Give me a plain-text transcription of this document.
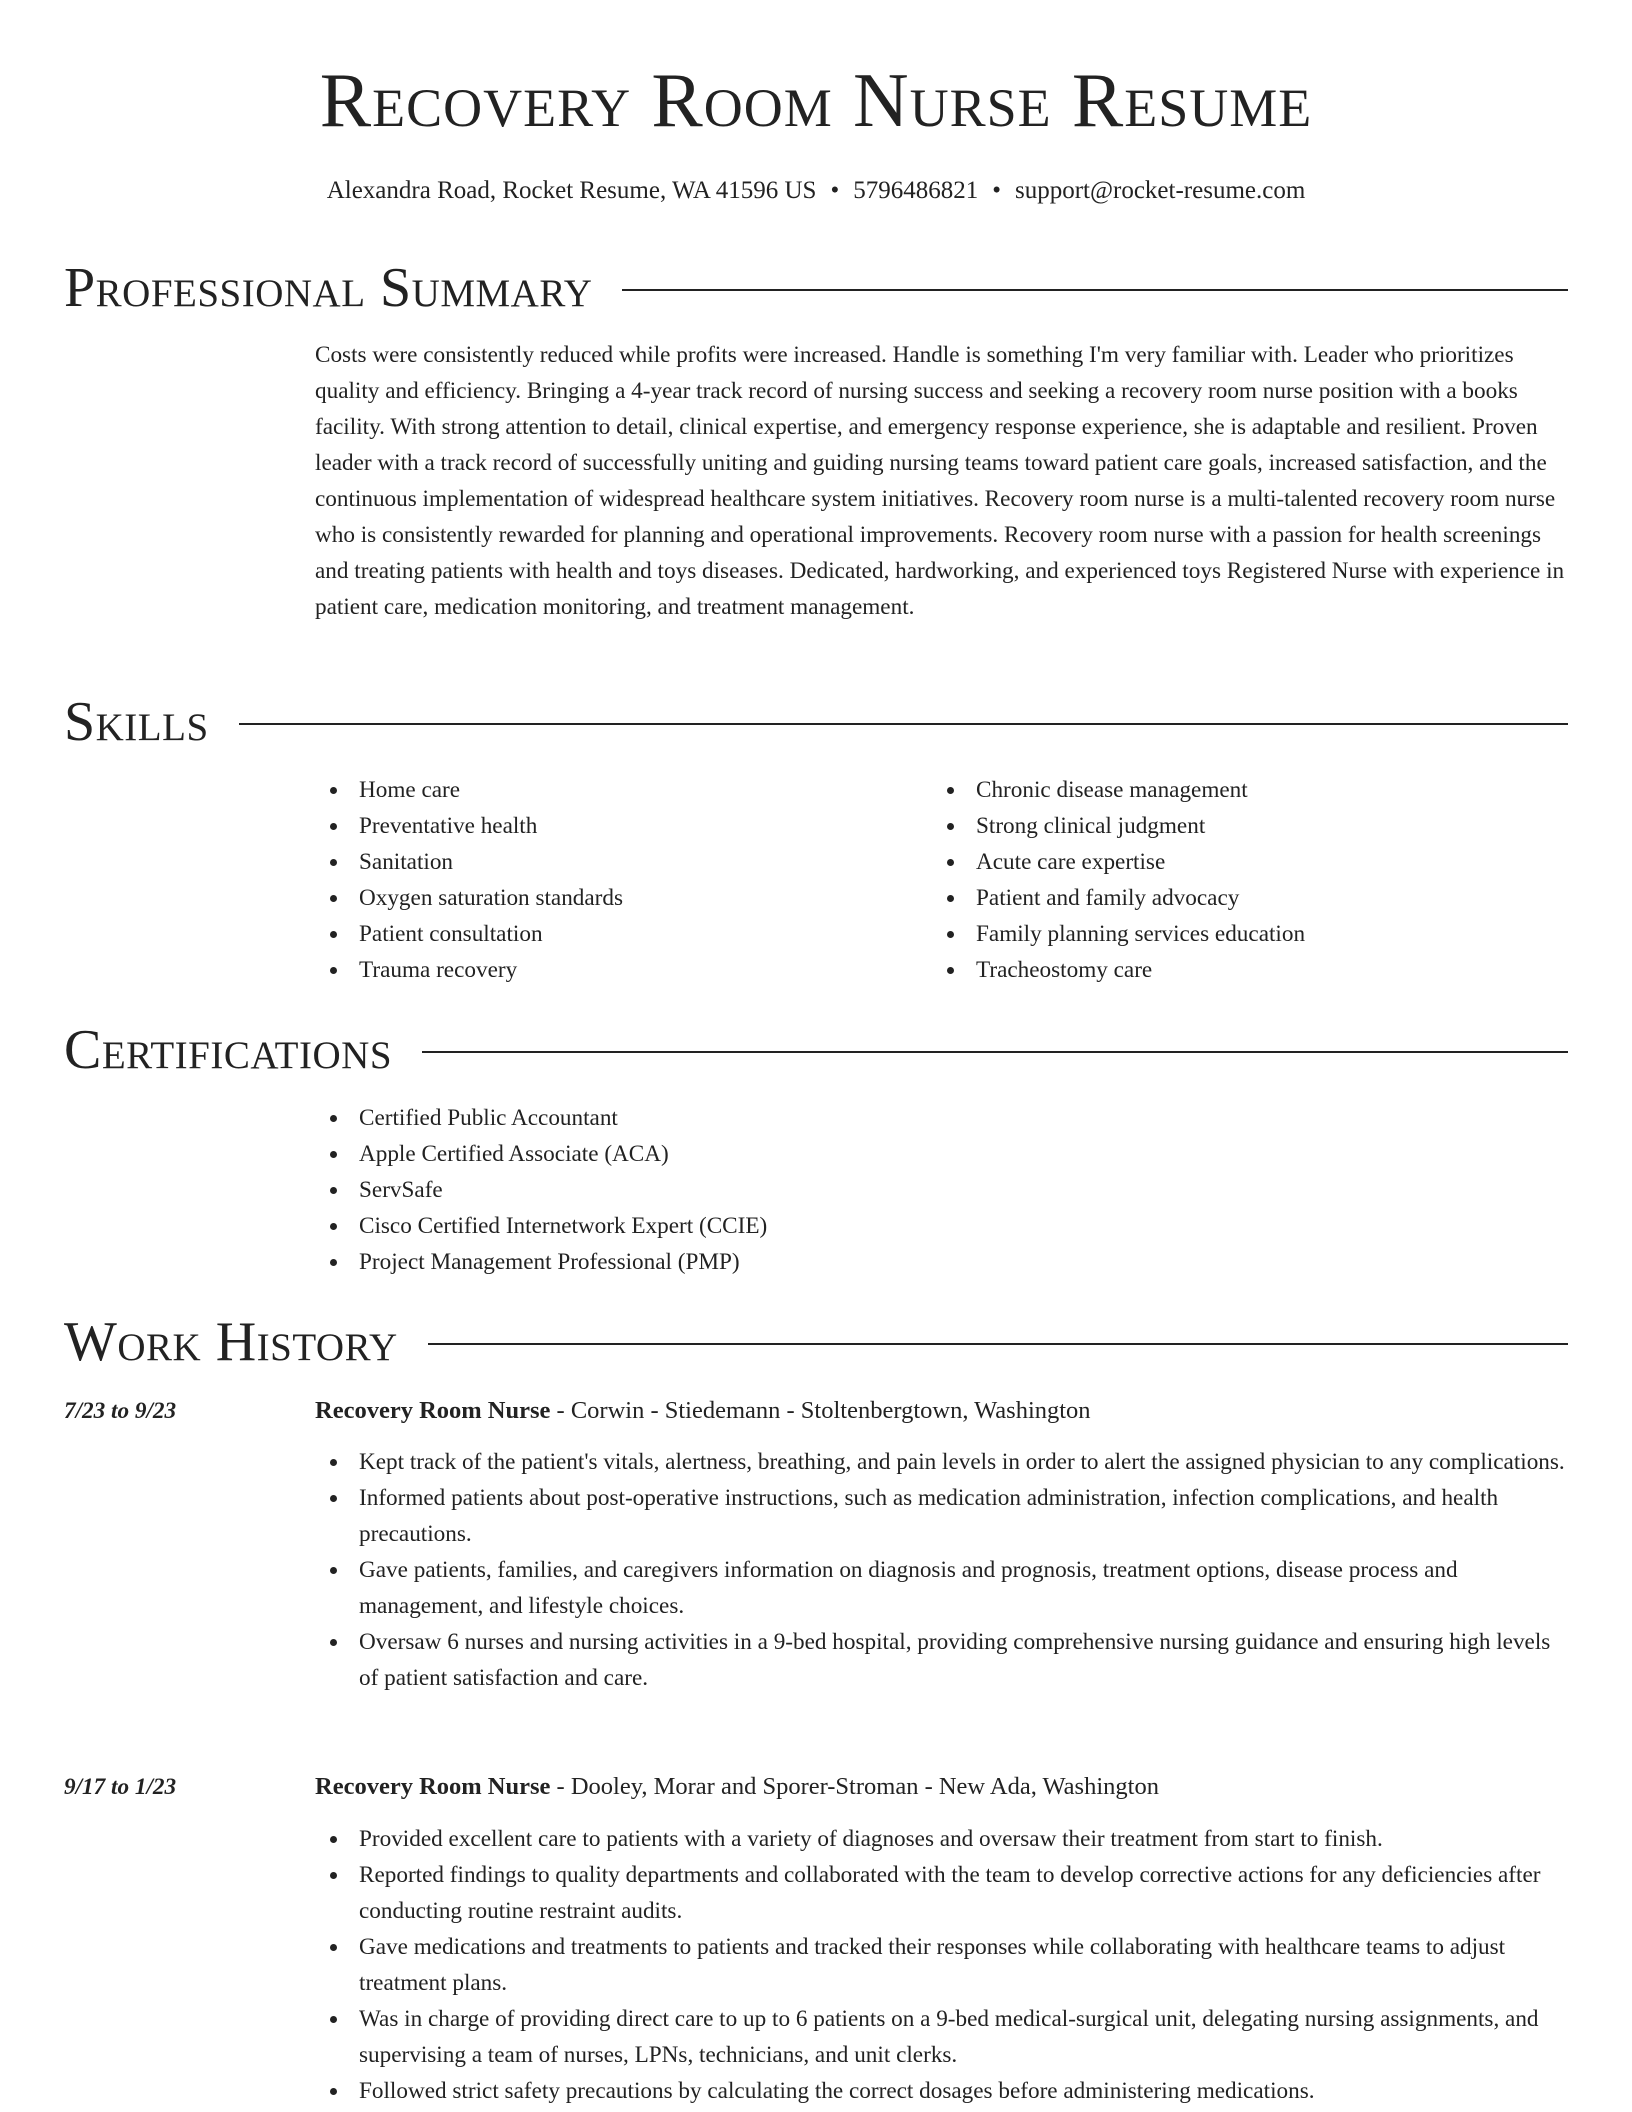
Recovery Room Nurse Resume
Alexandra Road, Rocket Resume, WA 41596 US • 5796486821 • support@rocket-resume.com
Professional Summary

Costs were consistently reduced while profits were increased. Handle is something I'm very familiar with. Leader who prioritizes quality and efficiency. Bringing a 4-year track record of nursing success and seeking a recovery room nurse position with a books facility. With strong attention to detail, clinical expertise, and emergency response experience, she is adaptable and resilient. Proven leader with a track record of successfully uniting and guiding nursing teams toward patient care goals, increased satisfaction, and the continuous implementation of widespread healthcare system initiatives. Recovery room nurse is a multi-talented recovery room nurse who is consistently rewarded for planning and operational improvements. Recovery room nurse with a passion for health screenings and treating patients with health and toys diseases. Dedicated, hardworking, and experienced toys Registered Nurse with experience in patient care, medication monitoring, and treatment management.

Skills
Home care
Preventative health
Sanitation
Oxygen saturation standards
Patient consultation
Trauma recovery
Chronic disease management
Strong clinical judgment
Acute care expertise
Patient and family advocacy
Family planning services education
Tracheostomy care
Certifications
Certified Public Accountant
Apple Certified Associate (ACA)
ServSafe
Cisco Certified Internetwork Expert (CCIE)
Project Management Professional (PMP)
Work History
7/23 to 9/23	Recovery Room Nurse - Corwin - Stiedemann - Stoltenbergtown, Washington
Kept track of the patient's vitals, alertness, breathing, and pain levels in order to alert the assigned physician to any complications.
Informed patients about post-operative instructions, such as medication administration, infection complications, and health precautions.
Gave patients, families, and caregivers information on diagnosis and prognosis, treatment options, disease process and management, and lifestyle choices.
Oversaw 6 nurses and nursing activities in a 9-bed hospital, providing comprehensive nursing guidance and ensuring high levels of patient satisfaction and care.
9/17 to 1/23	Recovery Room Nurse - Dooley, Morar and Sporer-Stroman - New Ada, Washington
Provided excellent care to patients with a variety of diagnoses and oversaw their treatment from start to finish.
Reported findings to quality departments and collaborated with the team to develop corrective actions for any deficiencies after conducting routine restraint audits.
Gave medications and treatments to patients and tracked their responses while collaborating with healthcare teams to adjust treatment plans.
Was in charge of providing direct care to up to 6 patients on a 9-bed medical-surgical unit, delegating nursing assignments, and supervising a team of nurses, LPNs, technicians, and unit clerks.
Followed strict safety precautions by calculating the correct dosages before administering medications.
